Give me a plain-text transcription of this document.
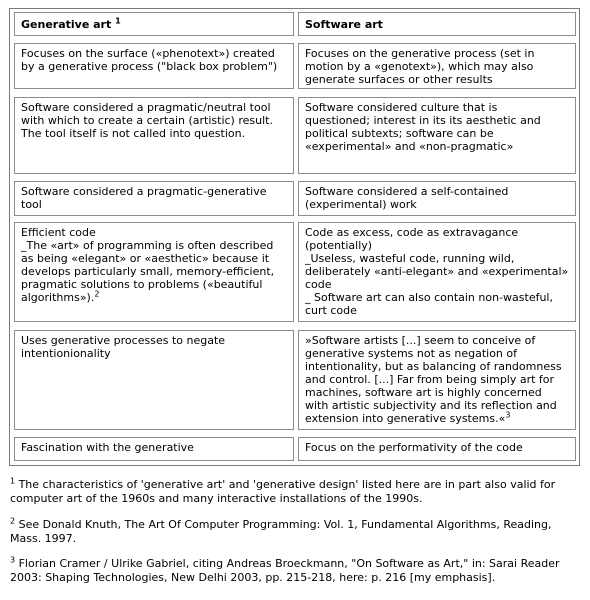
Generative art $^1$	Software art
Focuses on the surface («phenotext») created
by a generative process ("black box problem")
Focuses on the generative process (set in
motion by a «genotext»), which may also
generate surfaces or other results
Software considered a pragmatic/neutral tool
with which to create a certain (artistic) result.
The tool itself is not called into question.
Software considered culture that is
questioned; interest in its its aesthetic and
political subtexts; software can be
«experimental» and «non-pragmatic»
Software considered a pragmatic-generative
tool
Software considered a self-contained
(experimental) work
Efficient code
_The «art» of programming is often described
as being «elegant» or «aesthetic» because it
develops particularly small, memory-efficient,
pragmatic solutions to problems («beautiful
algorithms»).$^2$
Code as excess, code as extravagance
(potentially)
_Useless, wasteful code, running wild,
deliberately «anti-elegant» and «experimental»
code
_ Software art can also contain non-wasteful,
curt code
Uses generative processes to negate
intentionionality
»Software artists [...] seem to conceive of
generative systems not as negation of
intentionality, but as balancing of randomness
and control. [...] Far from being simply art for
machines, software art is highly concerned
with artistic subjectivity and its reflection and
extension into generative systems.«$^3$
Fascination with the generative	Focus on the performativity of the code
$^1$ The characteristics of 'generative art' and 'generative design' listed here are in part also valid for
computer art of the 1960s and many interactive installations of the 1990s.
$^2$ See Donald Knuth, The Art Of Computer Programming: Vol. 1, Fundamental Algorithms, Reading,
Mass. 1997.
$^3$ Florian Cramer / Ulrike Gabriel, citing Andreas Broeckmann, "On Software as Art," in: Sarai Reader
2003: Shaping Technologies, New Delhi 2003, pp. 215-218, here: p. 216 [my emphasis].
